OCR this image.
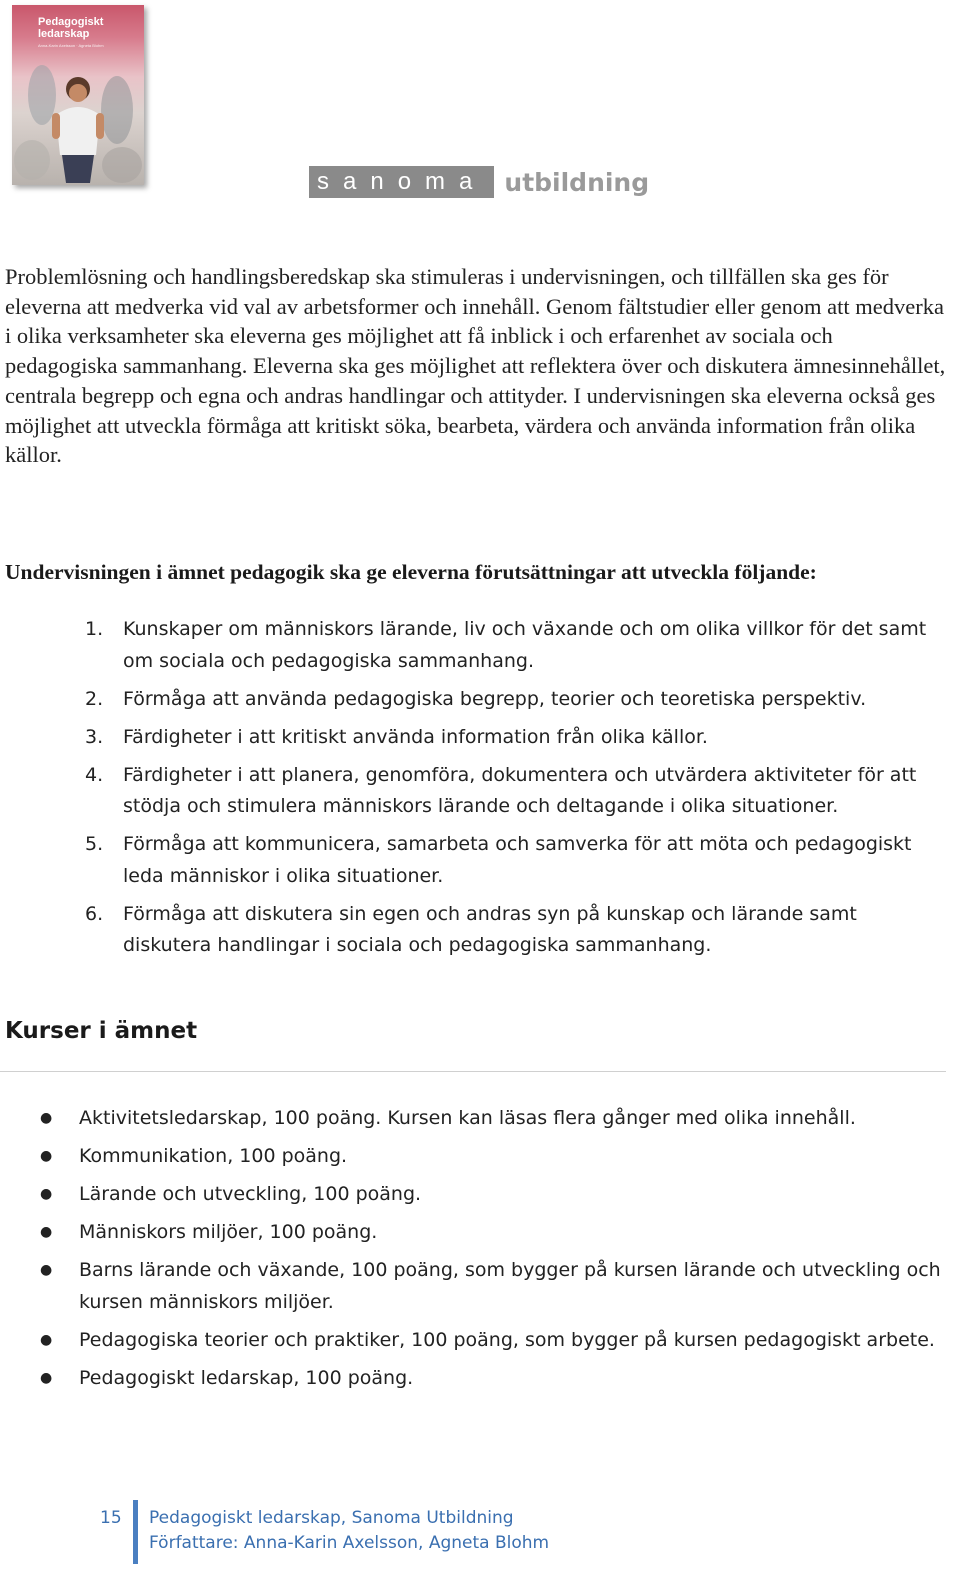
Pedagogiskt ledarskap
Anna-Karin Axelsson · Agneta Blohm
sanoma utbildning

Problemlösning och handlingsberedskap ska stimuleras i undervisningen, och tillfällen ska ges för eleverna att medverka vid val av arbetsformer och innehåll. Genom fältstudier eller genom att medverka i olika verksamheter ska eleverna ges möjlighet att få inblick i och erfarenhet av sociala och pedagogiska sammanhang. Eleverna ska ges möjlighet att reflektera över och diskutera ämnesinnehållet, centrala begrepp och egna och andras handlingar och attityder. I undervisningen ska eleverna också ges möjlighet att utveckla förmåga att kritiskt söka, bearbeta, värdera och använda information från olika källor.

Undervisningen i ämnet pedagogik ska ge eleverna förutsättningar att utveckla följande:

1.	Kunskaper om människors lärande, liv och växande och om olika villkor för det samt om sociala och pedagogiska sammanhang.
2.	Förmåga att använda pedagogiska begrepp, teorier och teoretiska perspektiv.
3.	Färdigheter i att kritiskt använda information från olika källor.
4.	Färdigheter i att planera, genomföra, dokumentera och utvärdera aktiviteter för att stödja och stimulera människors lärande och deltagande i olika situationer.
5.	Förmåga att kommunicera, samarbeta och samverka för att möta och pedagogiskt leda människor i olika situationer.
6.	Förmåga att diskutera sin egen och andras syn på kunskap och lärande samt diskutera handlingar i sociala och pedagogiska sammanhang.
Kurser i ämnet
●	Aktivitetsledarskap, 100 poäng. Kursen kan läsas flera gånger med olika innehåll.
●	Kommunikation, 100 poäng.
●	Lärande och utveckling, 100 poäng.
●	Människors miljöer, 100 poäng.
●	Barns lärande och växande, 100 poäng, som bygger på kursen lärande och utveckling och kursen människors miljöer.
●	Pedagogiska teorier och praktiker, 100 poäng, som bygger på kursen pedagogiskt arbete.
●	Pedagogiskt ledarskap, 100 poäng.
15 Pedagogiskt ledarskap, Sanoma Utbildning
Författare: Anna-Karin Axelsson, Agneta Blohm
